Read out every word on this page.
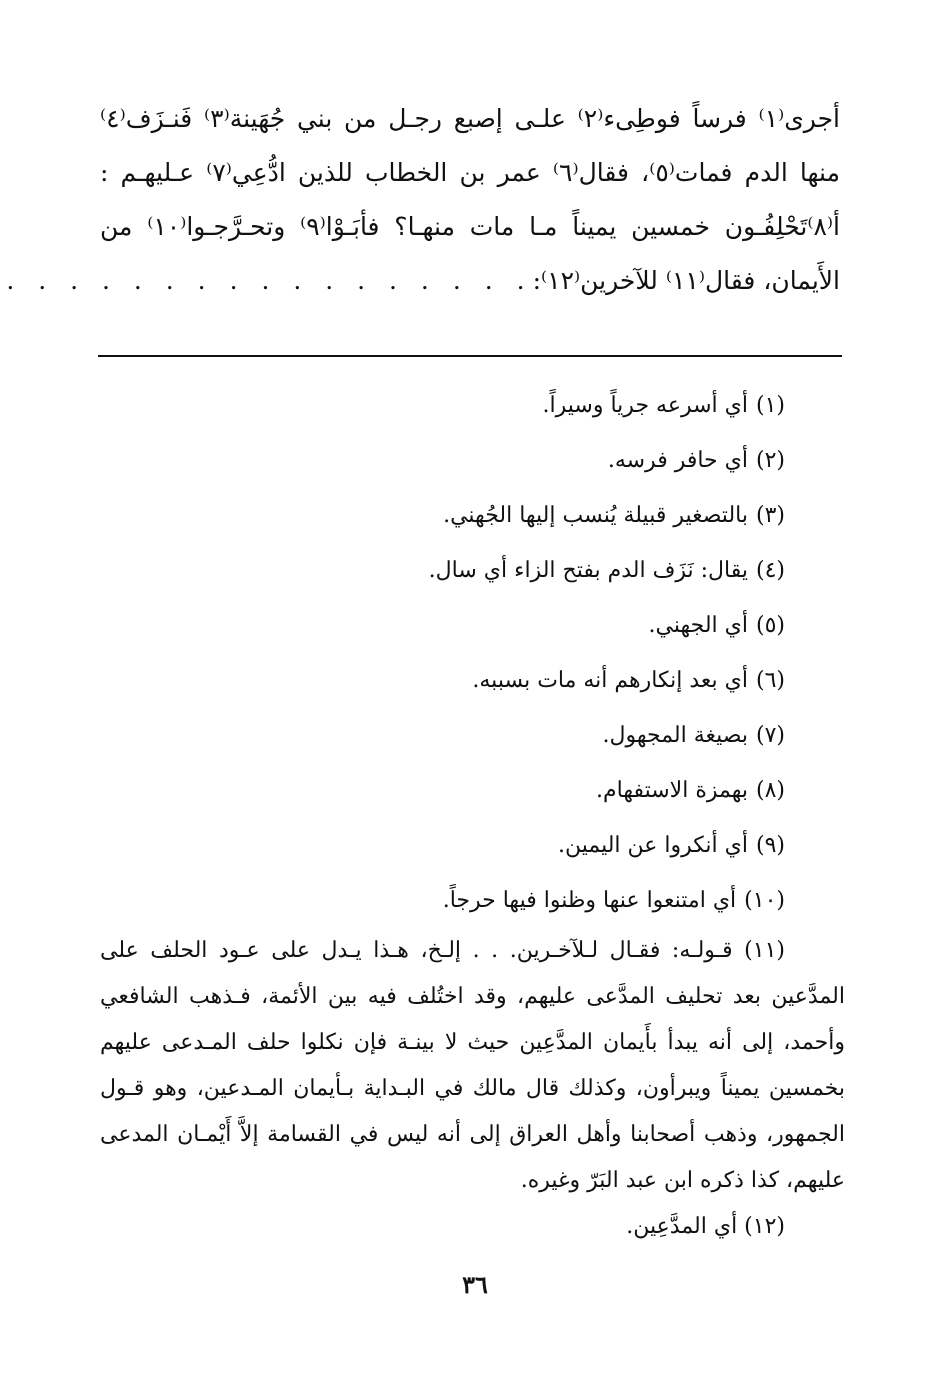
أجرى⁽١⁾ فرساً فوطِىء⁽٢⁾ علـى إصبع رجـل من بني جُهَينة⁽٣⁾ فَنـزَف⁽٤⁾
منها الدم فمات⁽٥⁾، فقال⁽٦⁾ عمر بن الخطاب للذين ادُّعِي⁽٧⁾ عـليهـم :
أ⁽٨⁾تَحْلِفُـون خمسين يميناً مـا مات منهـا؟ فأبَـوْا⁽٩⁾ وتحـرَّجـوا⁽١٠⁾ من
الأَيمان، فقال⁽١١⁾ للآخرين⁽١٢⁾:
. . . . . . . . . . . . . . . . .
(١)أي أسرعه جرياً وسيراً.
(٢)أي حافر فرسه.
(٣)بالتصغير قبيلة يُنسب إليها الجُهني.
(٤)يقال: نَزَف الدم بفتح الزاء أي سال.
(٥)أي الجهني.
(٦)أي بعد إنكارهم أنه مات بسببه.
(٧)بصيغة المجهول.
(٨)بهمزة الاستفهام.
(٩)أي أنكروا عن اليمين.
(١٠)أي امتنعوا عنها وظنوا فيها حرجاً.
(١١) قـولـه: فقـال لـلآخـرين. . . إلـخ، هـذا يـدل على عـود الحلف على
المدَّعين بعد تحليف المدَّعى عليهم، وقد اختُلف فيه بين الأئمة، فـذهب الشافعي
وأحمد، إلى أنه يبدأ بأَيمان المدَّعِين حيث لا بينـة فإن نكلوا حلف المـدعى عليهم
بخمسين يميناً ويبرأون، وكذلك قال مالك في البـداية بـأيمان المـدعين، وهو قـول
الجمهور، وذهب أصحابنا وأهل العراق إلى أنه ليس في القسامة إلاَّ أَيْمـان المدعى
عليهم، كذا ذكره ابن عبد البَرّ وغيره.
(١٢) أي المدَّعِين.
٣٦
